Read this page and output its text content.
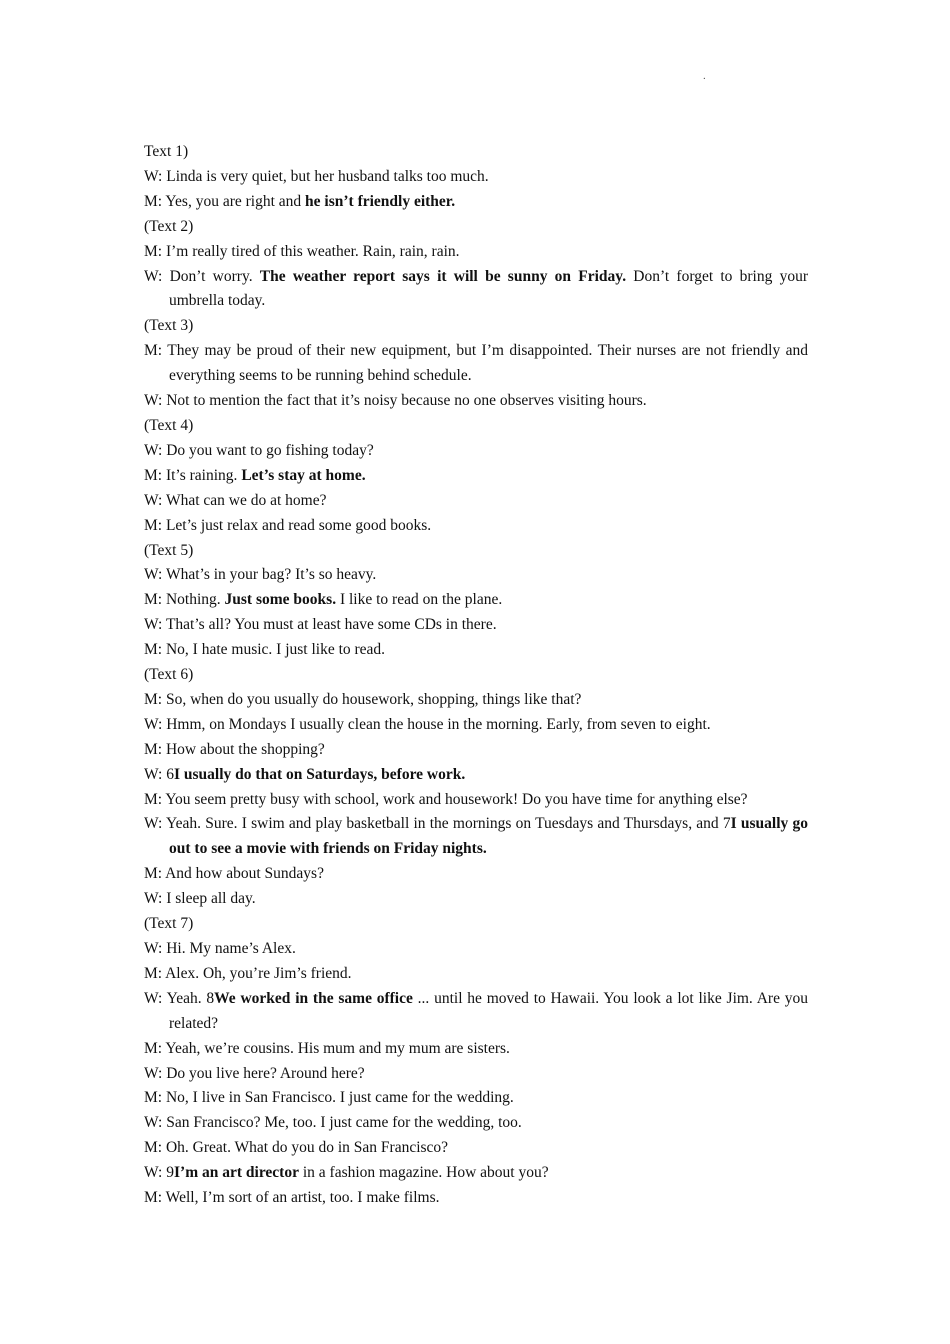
.

Text 1)

W: Linda is very quiet, but her husband talks too much.

M: Yes, you are right and he isn’t friendly either.

(Text 2)

M: I’m really tired of this weather. Rain, rain, rain.

W: Don’t worry. The weather report says it will be sunny on Friday. Don’t forget to bring your umbrella today.

(Text 3)

M: They may be proud of their new equipment, but I’m disappointed. Their nurses are not friendly and everything seems to be running behind schedule.

W: Not to mention the fact that it’s noisy because no one observes visiting hours.

(Text 4)

W: Do you want to go fishing today?

M: It’s raining. Let’s stay at home.

W: What can we do at home?

M: Let’s just relax and read some good books.

(Text 5)

W: What’s in your bag? It’s so heavy.

M: Nothing. Just some books. I like to read on the plane.

W: That’s all? You must at least have some CDs in there.

M: No, I hate music. I just like to read.

(Text 6)

M: So, when do you usually do housework, shopping, things like that?

W: Hmm, on Mondays I usually clean the house in the morning. Early, from seven to eight.

M: How about the shopping?

W: 6I usually do that on Saturdays, before work.

M: You seem pretty busy with school, work and housework! Do you have time for anything else?

W: Yeah. Sure. I swim and play basketball in the mornings on Tuesdays and Thursdays, and 7I usually go out to see a movie with friends on Friday nights.

M: And how about Sundays?

W: I sleep all day.

(Text 7)

W: Hi. My name’s Alex.

M: Alex. Oh, you’re Jim’s friend.

W: Yeah. 8We worked in the same office ... until he moved to Hawaii. You look a lot like Jim. Are you related?

M: Yeah, we’re cousins. His mum and my mum are sisters.

W: Do you live here? Around here?

M: No, I live in San Francisco. I just came for the wedding.

W: San Francisco? Me, too. I just came for the wedding, too.

M: Oh. Great. What do you do in San Francisco?

W: 9I’m an art director in a fashion magazine. How about you?

M: Well, I’m sort of an artist, too. I make films.
